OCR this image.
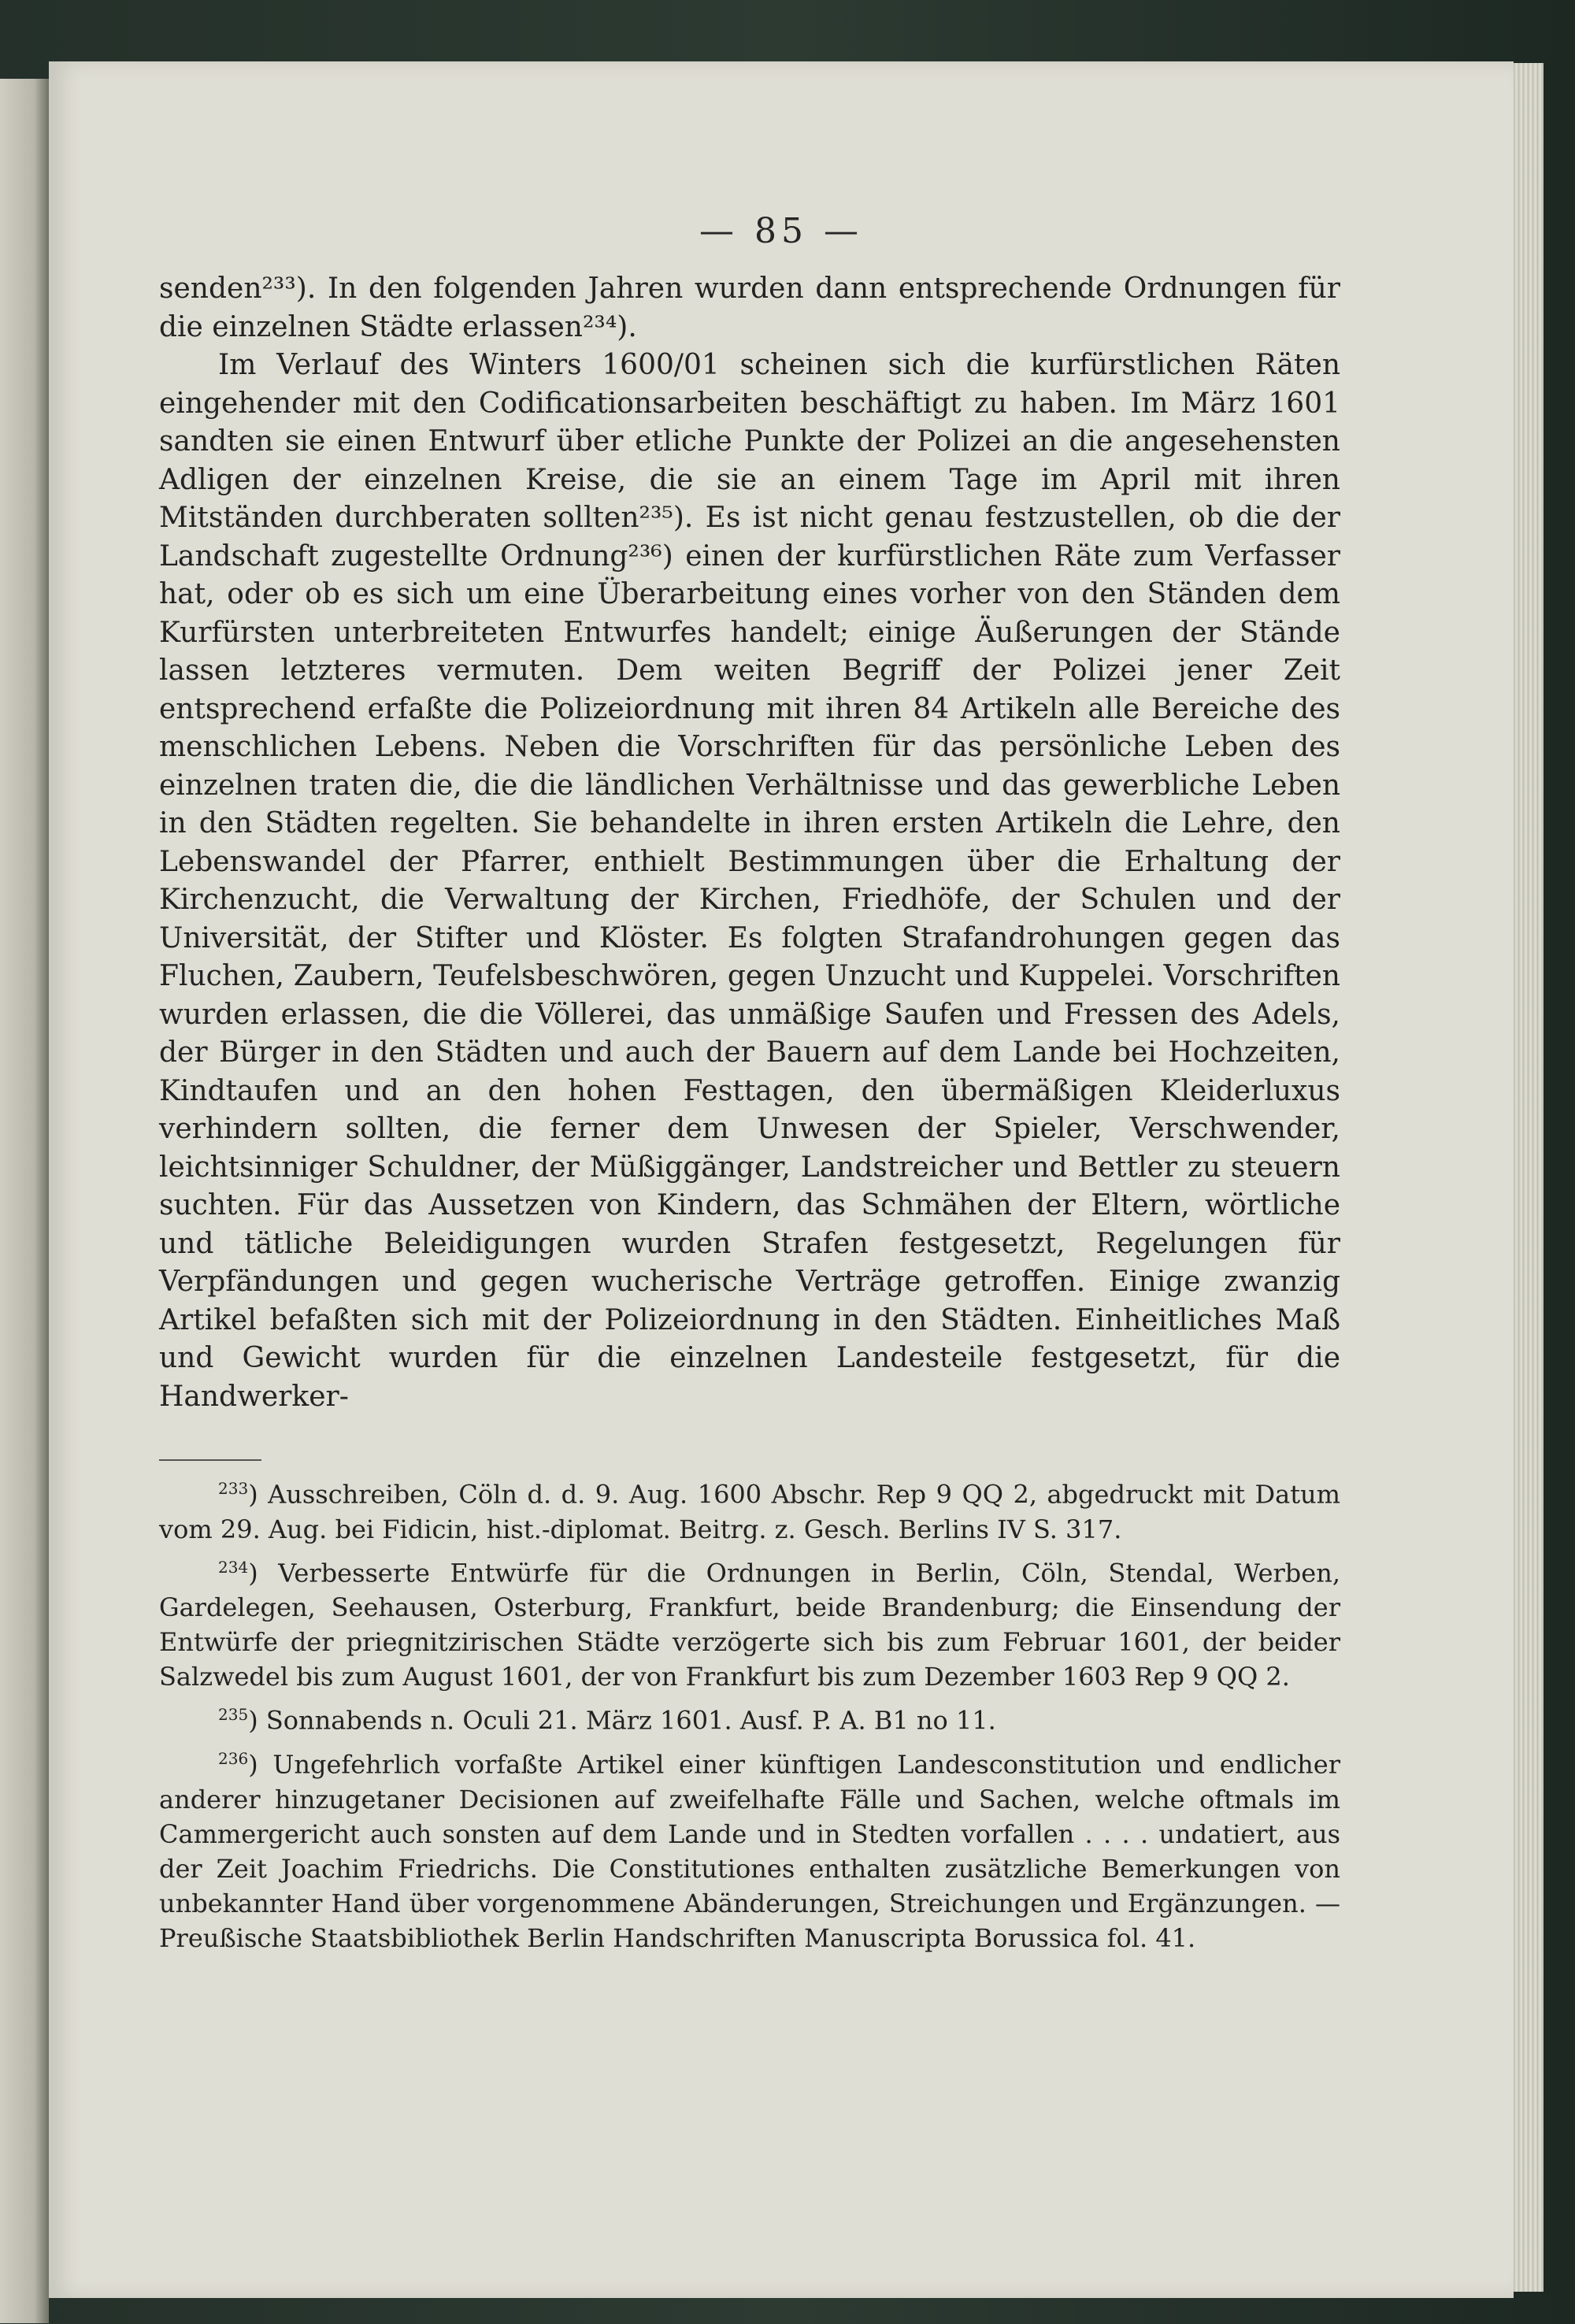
— 85 —

senden²³³). In den folgenden Jahren wurden dann entsprechende Ordnungen für die einzelnen Städte erlassen²³⁴).

Im Verlauf des Winters 1600/01 scheinen sich die kurfürstlichen Räten eingehender mit den Codificationsarbeiten beschäftigt zu haben. Im März 1601 sandten sie einen Entwurf über etliche Punkte der Polizei an die angesehensten Adligen der einzelnen Kreise, die sie an einem Tage im April mit ihren Mitständen durchberaten sollten²³⁵). Es ist nicht genau festzustellen, ob die der Landschaft zugestellte Ordnung²³⁶) einen der kurfürstlichen Räte zum Verfasser hat, oder ob es sich um eine Überarbeitung eines vorher von den Ständen dem Kurfürsten unterbreiteten Entwurfes handelt; einige Äußerungen der Stände lassen letzteres vermuten. Dem weiten Begriff der Polizei jener Zeit entsprechend erfaßte die Polizeiordnung mit ihren 84 Artikeln alle Bereiche des menschlichen Lebens. Neben die Vorschriften für das persönliche Leben des einzelnen traten die, die die ländlichen Verhältnisse und das gewerbliche Leben in den Städten regelten. Sie behandelte in ihren ersten Artikeln die Lehre, den Lebenswandel der Pfarrer, enthielt Bestimmungen über die Erhaltung der Kirchenzucht, die Verwaltung der Kirchen, Friedhöfe, der Schulen und der Universität, der Stifter und Klöster. Es folgten Strafandrohungen gegen das Fluchen, Zaubern, Teufelsbeschwören, gegen Unzucht und Kuppelei. Vorschriften wurden erlassen, die die Völlerei, das unmäßige Saufen und Fressen des Adels, der Bürger in den Städten und auch der Bauern auf dem Lande bei Hochzeiten, Kindtaufen und an den hohen Festtagen, den übermäßigen Kleiderluxus verhindern sollten, die ferner dem Unwesen der Spieler, Verschwender, leichtsinniger Schuldner, der Müßiggänger, Landstreicher und Bettler zu steuern suchten. Für das Aussetzen von Kindern, das Schmähen der Eltern, wörtliche und tätliche Beleidigungen wurden Strafen festgesetzt, Regelungen für Verpfändungen und gegen wucherische Verträge getroffen. Einige zwanzig Artikel befaßten sich mit der Polizeiordnung in den Städten. Einheitliches Maß und Gewicht wurden für die einzelnen Landesteile festgesetzt, für die Handwerker-

$^{233}$) Ausschreiben, Cöln d. d. 9. Aug. 1600 Abschr. Rep 9 QQ 2, abgedruckt mit Datum vom 29. Aug. bei Fidicin, hist.-diplomat. Beitrg. z. Gesch. Berlins IV S. 317.

$^{234}$) Verbesserte Entwürfe für die Ordnungen in Berlin, Cöln, Stendal, Werben, Gardelegen, Seehausen, Osterburg, Frankfurt, beide Brandenburg; die Einsendung der Entwürfe der priegnitzirischen Städte verzögerte sich bis zum Februar 1601, der beider Salzwedel bis zum August 1601, der von Frankfurt bis zum Dezember 1603 Rep 9 QQ 2.

$^{235}$) Sonnabends n. Oculi 21. März 1601. Ausf. P. A. B1 no 11.

$^{236}$) Ungefehrlich vorfaßte Artikel einer künftigen Landesconstitution und endlicher anderer hinzugetaner Decisionen auf zweifelhafte Fälle und Sachen, welche oftmals im Cammergericht auch sonsten auf dem Lande und in Stedten vorfallen . . . . undatiert, aus der Zeit Joachim Friedrichs. Die Constitutiones enthalten zusätzliche Bemerkungen von unbekannter Hand über vorgenommene Abänderungen, Streichungen und Ergänzungen. — Preußische Staatsbibliothek Berlin Handschriften Manuscripta Borussica fol. 41.
